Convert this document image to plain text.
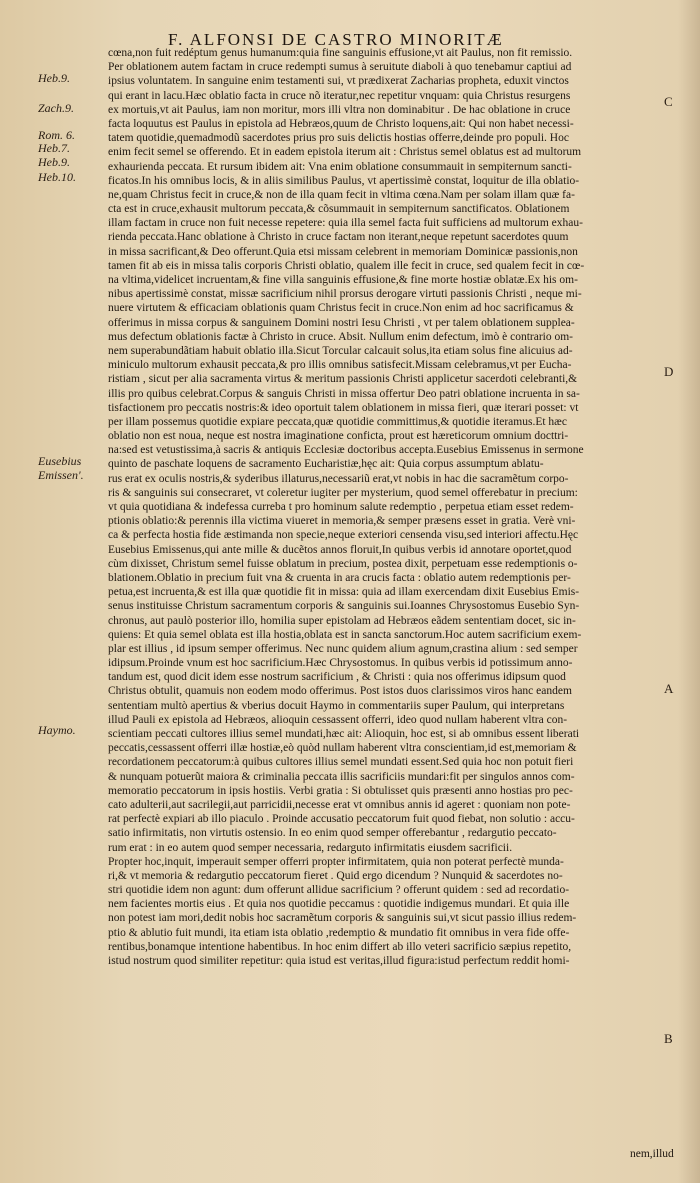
F. ALFONSI DE CASTRO MINORITÆ
Heb.9.
Zach.9.
Rom. 6.
Heb.7.
Heb.9.
Heb.10.
Eusebius
Emissen'.
Haymo.
C
D
A
B
cœna,non fuit redéptum genus humanum:quia fine sanguinis effusione,vt ait Paulus, non fit remissio.
Per oblationem autem factam in cruce redempti sumus à seruitute diaboli à quo tenebamur captiui ad
ipsius voluntatem. In sanguine enim testamenti sui, vt prædixerat Zacharias propheta, eduxit vinctos
qui erant in lacu.Hæc oblatio facta in cruce nõ iteratur,nec repetitur vnquam: quia Christus resurgens
ex mortuis,vt ait Paulus, iam non moritur, mors illi vltra non dominabitur . De hac oblatione in cruce
facta loquutus est Paulus in epistola ad Hebræos,quum de Christo loquens,ait: Qui non habet necessi-
tatem quotidie,quemadmodũ sacerdotes prius pro suis delictis hostias offerre,deinde pro populi. Hoc
enim fecit semel se offerendo. Et in eadem epistola iterum ait : Christus semel oblatus est ad multorum
exhaurienda peccata. Et rursum ibidem ait: Vna enim oblatione consummauit in sempiternum sancti-
ficatos.In his omnibus locis, & in aliis similibus Paulus, vt apertissimè constat, loquitur de illa oblatio-
ne,quam Christus fecit in cruce,& non de illa quam fecit in vltima cœna.Nam per solam illam quæ fa-
cta est in cruce,exhausit multorum peccata,& cõsummauit in sempiternum sanctificatos. Oblationem
illam factam in cruce non fuit necesse repetere: quia illa semel facta fuit sufficiens ad multorum exhau-
rienda peccata.Hanc oblatione à Christo in cruce factam non iterant,neque repetunt sacerdotes quum
in missa sacrificant,& Deo offerunt.Quia etsi missam celebrent in memoriam Dominicæ passionis,non
tamen fit ab eis in missa talis corporis Christi oblatio, qualem ille fecit in cruce, sed qualem fecit in cœ-
na vltima,videlicet incruentam,& fine villa sanguinis effusione,& fine morte hostiæ oblatæ.Ex his om-
nibus apertissimè constat, missæ sacrificium nihil prorsus derogare virtuti passionis Christi , neque mi-
nuere virtutem & efficaciam oblationis quam Christus fecit in cruce.Non enim ad hoc sacrificamus &
offerimus in missa corpus & sanguinem Domini nostri Iesu Christi , vt per talem oblationem supplea-
mus defectum oblationis factæ à Christo in cruce. Absit. Nullum enim defectum, imò è contrario om-
nem superabundãtiam habuit oblatio illa.Sicut Torcular calcauit solus,ita etiam solus fine alicuius ad-
miniculo multorum exhausit peccata,& pro illis omnibus satisfecit.Missam celebramus,vt per Eucha-
ristiam , sicut per alia sacramenta virtus & meritum passionis Christi applicetur sacerdoti celebranti,&
illis pro quibus celebrat.Corpus & sanguis Christi in missa offertur Deo patri oblatione incruenta in sa-
tisfactionem pro peccatis nostris:& ideo oportuit talem oblationem in missa fieri, quæ iterari posset: vt
per illam possemus quotidie expiare peccata,quæ quotidie committimus,& quotidie iteramus.Et hæc
oblatio non est noua, neque est nostra imaginatione conficta, prout est hæreticorum omnium docttri-
na:sed est vetustissima,à sacris & antiquis Ecclesiæ doctoribus accepta.Eusebius Emissenus in sermone
quinto de paschate loquens de sacramento Eucharistiæ,hęc ait: Quia corpus assumptum ablatu-
rus erat ex oculis nostris,& syderibus illaturus,necessariũ erat,vt nobis in hac die sacramẽtum corpo-
ris & sanguinis sui consecraret, vt coleretur iugiter per mysterium, quod semel offerebatur in precium:
vt quia quotidiana & indefessa curreba t pro hominum salute redemptio , perpetua etiam esset redem-
ptionis oblatio:& perennis illa victima viueret in memoria,& semper præsens esset in gratia. Verè vni-
ca & perfecta hostia fide æstimanda non specie,neque exteriori censenda visu,sed interiori affectu.Hęc
Eusebius Emissenus,qui ante mille & ducẽtos annos floruit,In quibus verbis id annotare oportet,quod
cùm dixisset, Christum semel fuisse oblatum in precium, postea dixit, perpetuam esse redemptionis o-
blationem.Oblatio in precium fuit vna & cruenta in ara crucis facta : oblatio autem redemptionis per-
petua,est incruenta,& est illa quæ quotidie fit in missa: quia ad illam exercendam dixit Eusebius Emis-
senus instituisse Christum sacramentum corporis & sanguinis sui.Ioannes Chrysostomus Eusebio Syn-
chronus, aut paulò posterior illo, homilia super epistolam ad Hebræos eãdem sententiam docet, sic in-
quiens: Et quia semel oblata est illa hostia,oblata est in sancta sanctorum.Hoc autem sacrificium exem-
plar est illius , id ipsum semper offerimus. Nec nunc quidem alium agnum,crastina alium : sed semper
idipsum.Proinde vnum est hoc sacrificium.Hæc Chrysostomus. In quibus verbis id potissimum anno-
tandum est, quod dicit idem esse nostrum sacrificium , & Christi : quia nos offerimus idipsum quod
Christus obtulit, quamuis non eodem modo offerimus. Post istos duos clarissimos viros hanc eandem
sententiam multò apertius & vberius docuit Haymo in commentariis super Paulum, qui interpretans
illud Pauli ex epistola ad Hebræos, alioquin cessassent offerri, ideo quod nullam haberent vltra con-
scientiam peccati cultores illius semel mundati,hæc ait: Alioquin, hoc est, si ab omnibus essent liberati
peccatis,cessassent offerri illæ hostiæ,eò quòd nullam haberent vltra conscientiam,id est,memoriam &
recordationem peccatorum:à quibus cultores illius semel mundati essent.Sed quia hoc non potuit fieri
& nunquam potuerũt maiora & criminalia peccata illis sacrificiis mundari:fit per singulos annos com-
memoratio peccatorum in ipsis hostiis. Verbi gratia : Si obtulisset quis præsenti anno hostias pro pec-
cato adulterii,aut sacrilegii,aut parricidii,necesse erat vt omnibus annis id ageret : quoniam non pote-
rat perfectè expiari ab illo piaculo . Proinde accusatio peccatorum fuit quod fiebat, non solutio : accu-
satio infirmitatis, non virtutis ostensio. In eo enim quod semper offerebantur , redargutio peccato-
rum erat : in eo autem quod semper necessaria, redarguto infirmitatis eiusdem sacrificii.
Propter hoc,inquit, imperauit semper offerri propter infirmitatem, quia non poterat perfectè munda-
ri,& vt memoria & redargutio peccatorum fieret . Quid ergo dicendum ? Nunquid & sacerdotes no-
stri quotidie idem non agunt: dum offerunt allidue sacrificium ? offerunt quidem : sed ad recordatio-
nem facientes mortis eius . Et quia nos quotidie peccamus : quotidie indigemus mundari. Et quia ille
non potest iam mori,dedit nobis hoc sacramẽtum corporis & sanguinis sui,vt sicut passio illius redem-
ptio & ablutio fuit mundi, ita etiam ista oblatio ,redemptio & mundatio fit omnibus in vera fide offe-
rentibus,bonamque intentione habentibus. In hoc enim differt ab illo veteri sacrificio sæpius repetito,
istud nostrum quod similiter repetitur: quia istud est veritas,illud figura:istud perfectum reddit homi-
nem,illud
